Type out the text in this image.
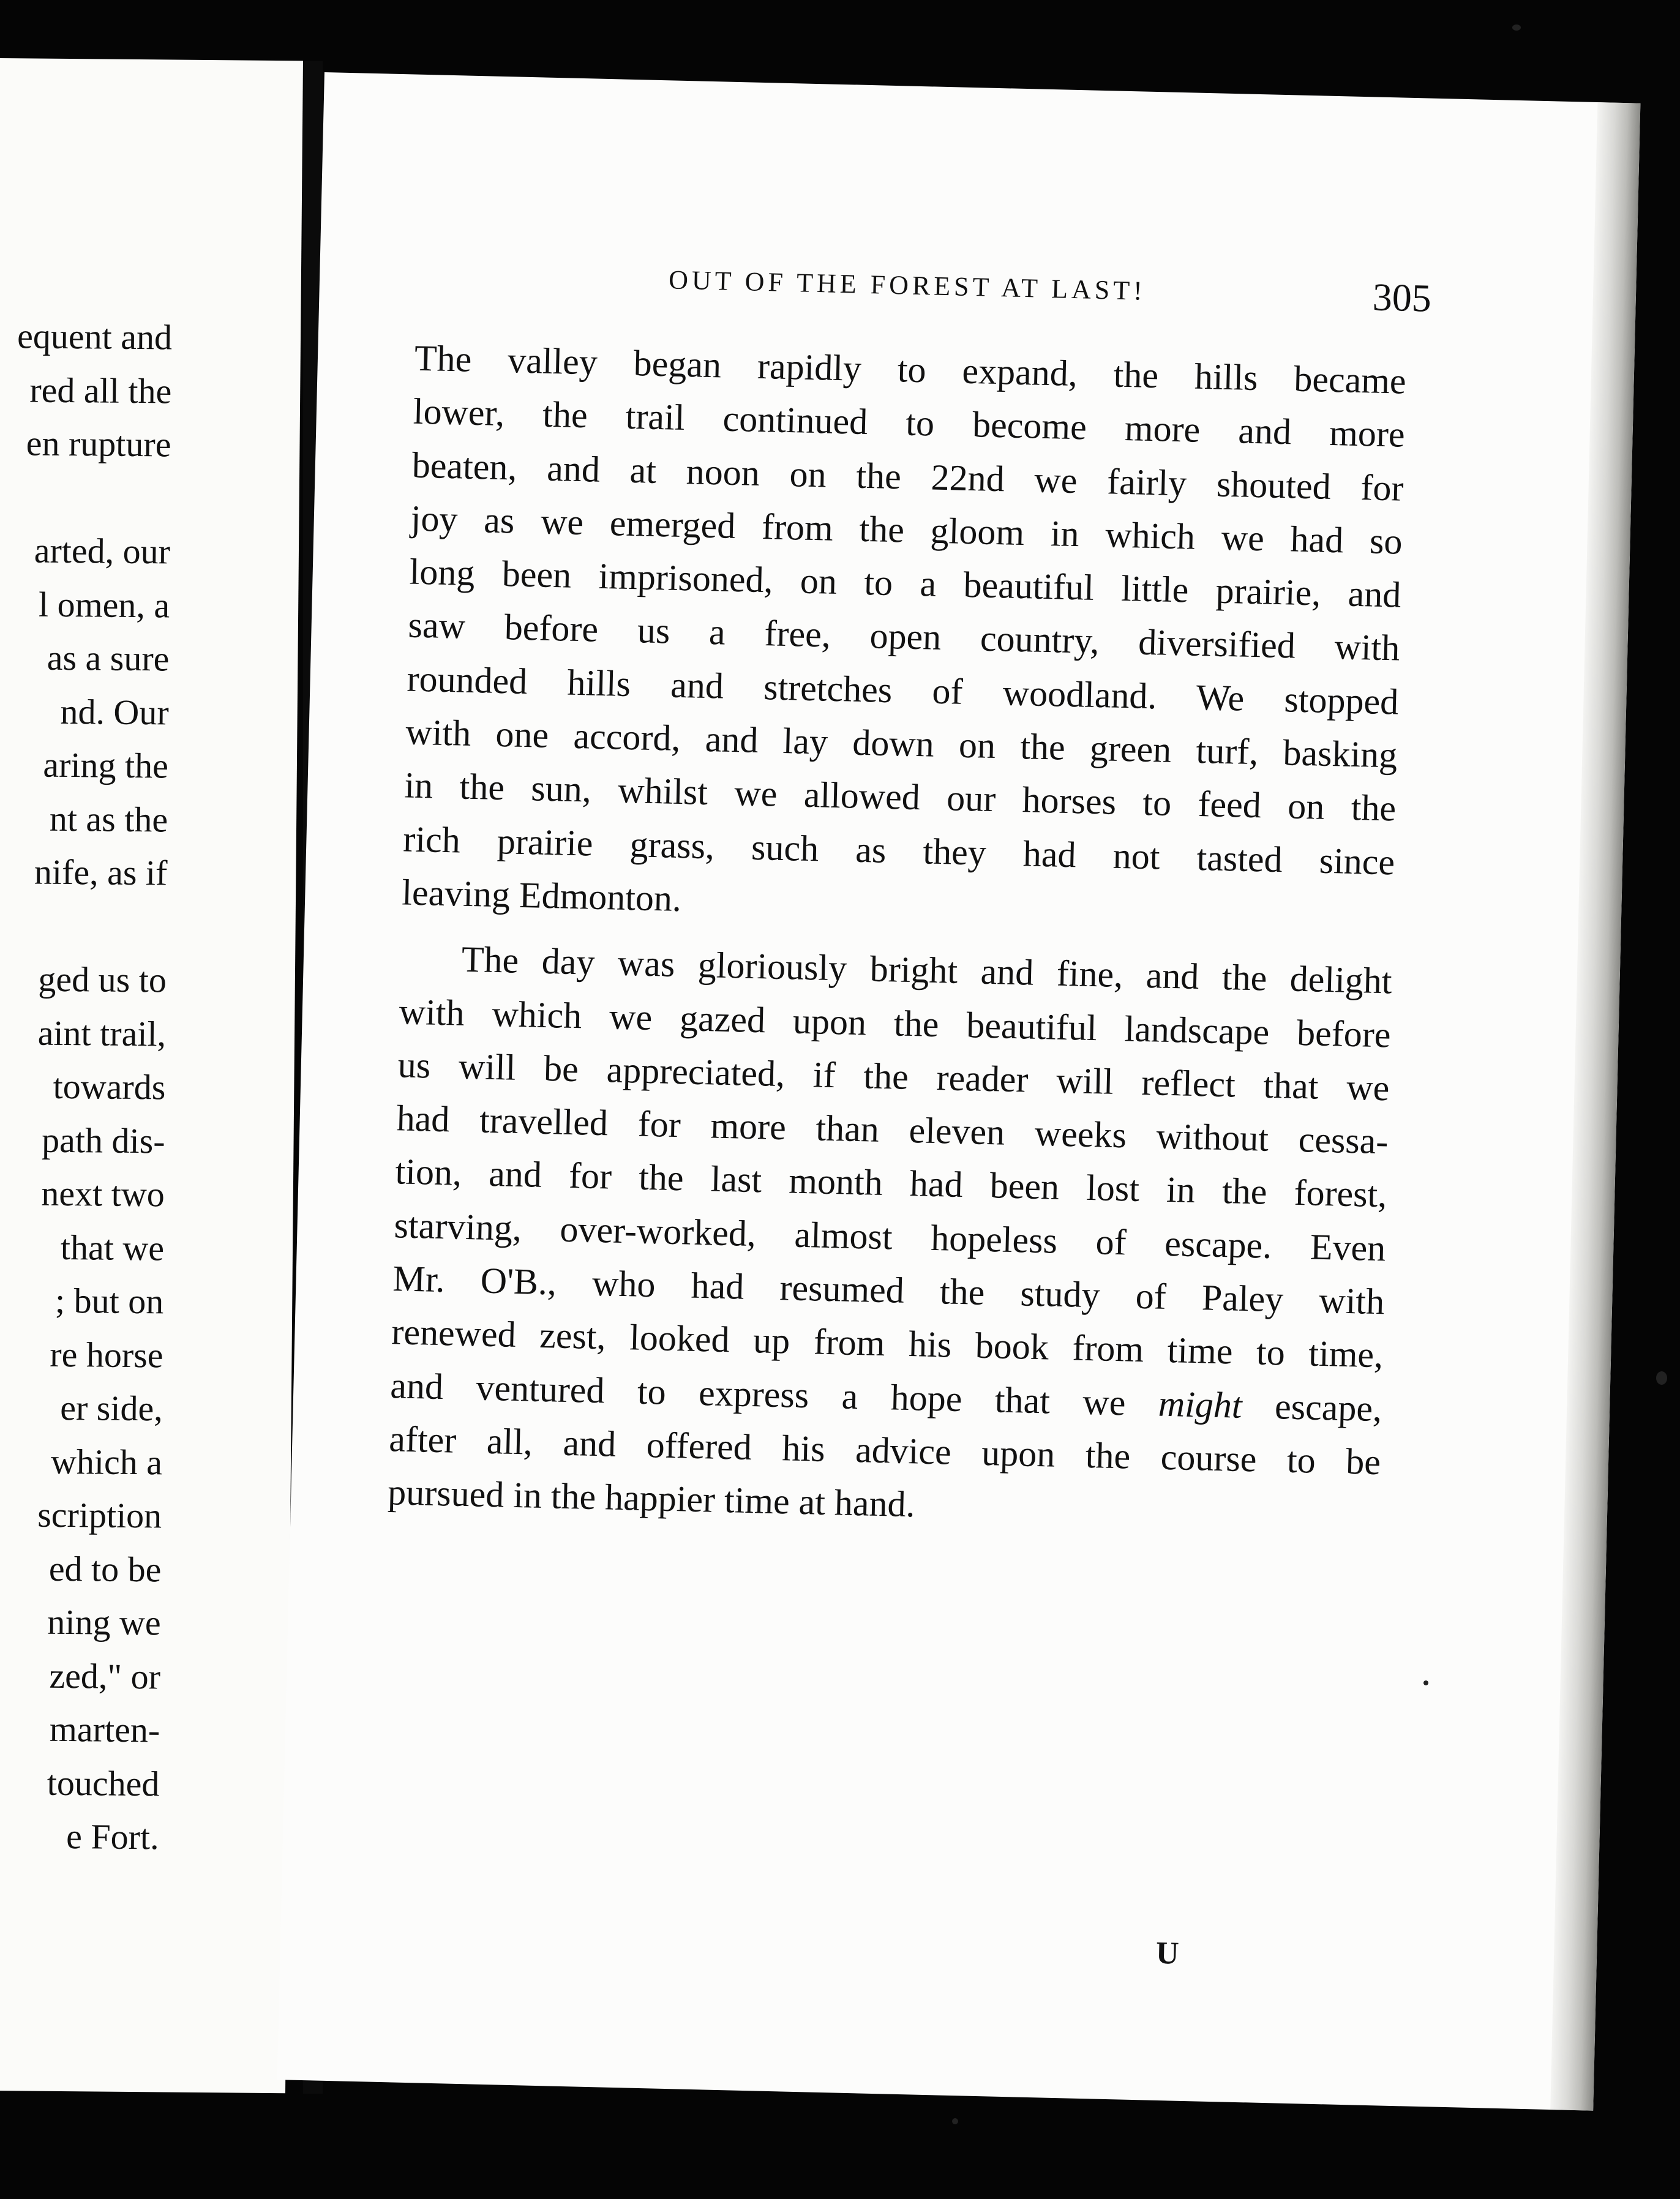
equent and
red all the
en rupture
arted, our
l omen, a
as a sure
nd. Our
aring the
nt as the
nife, as if
ged us to
aint trail,
towards
path dis-
next two
that we
; but on
re horse
er side,
which a
scription
ed to be
ning we
zed," or
marten-
touched
e Fort.
OUT OF THE FOREST AT LAST!	305
The valley began rapidly to expand, the hills became
lower, the trail continued to become more and more
beaten, and at noon on the 22nd we fairly shouted for
joy as we emerged from the gloom in which we had so
long been imprisoned, on to a beautiful little prairie, and
saw before us a free, open country, diversified with
rounded hills and stretches of woodland. We stopped
with one accord, and lay down on the green turf, basking
in the sun, whilst we allowed our horses to feed on the
rich prairie grass, such as they had not tasted since
leaving Edmonton.
The day was gloriously bright and fine, and the delight
with which we gazed upon the beautiful landscape before
us will be appreciated, if the reader will reflect that we
had travelled for more than eleven weeks without cessa-
tion, and for the last month had been lost in the forest,
starving, over-worked, almost hopeless of escape. Even
Mr. O'B., who had resumed the study of Paley with
renewed zest, looked up from his book from time to time,
and ventured to express a hope that we might escape,
after all, and offered his advice upon the course to be
pursued in the happier time at hand.
U
